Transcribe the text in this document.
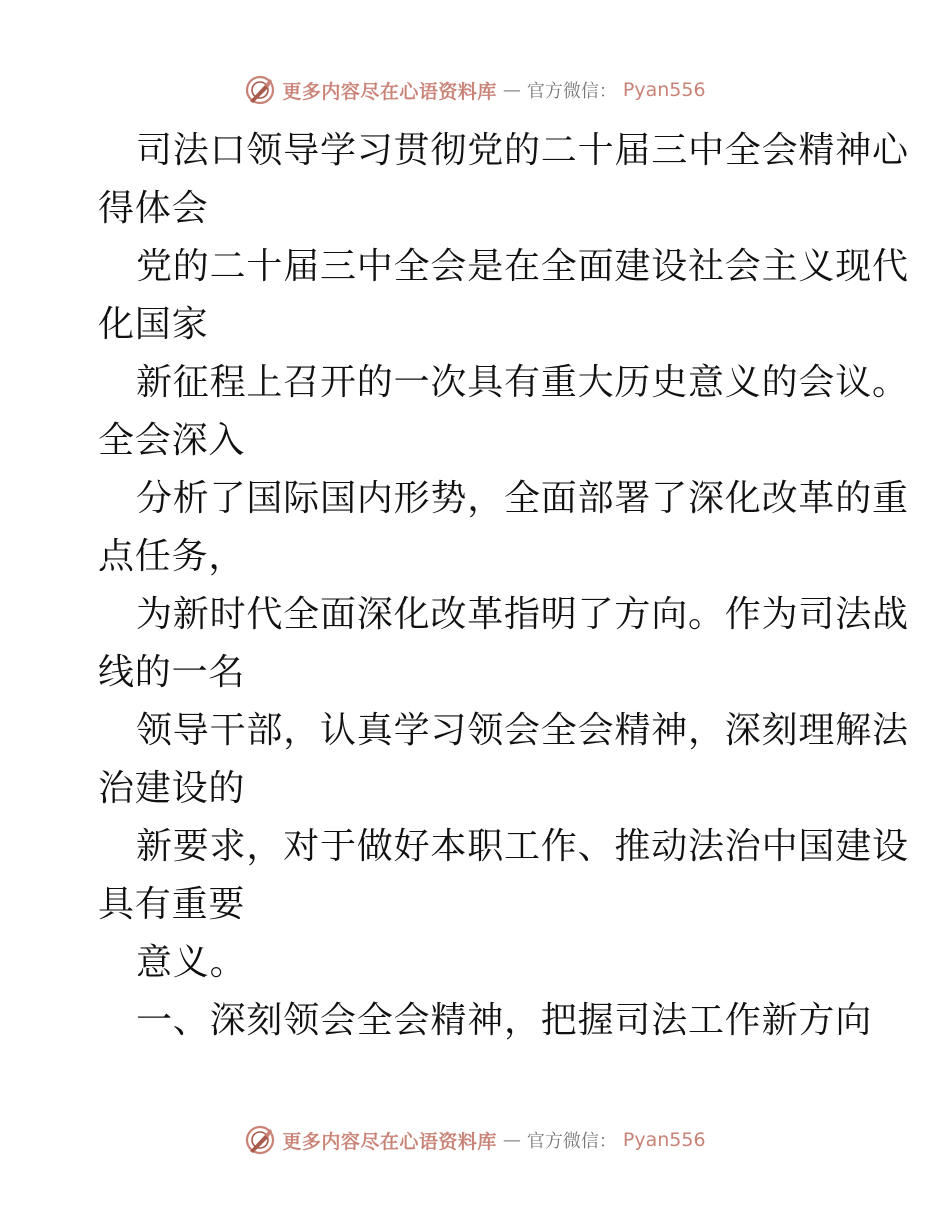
更多内容尽在心语资料库 — 官方微信： Pyan556
司法口领导学习贯彻党的二十届三中全会精神心
得体会
党的二十届三中全会是在全面建设社会主义现代
化国家
新征程上召开的一次具有重大历史意义的会议。
全会深入
分析了国际国内形势，全面部署了深化改革的重
点任务，
为新时代全面深化改革指明了方向。作为司法战
线的一名
领导干部，认真学习领会全会精神，深刻理解法
治建设的
新要求，对于做好本职工作、推动法治中国建设
具有重要
意义。
一、深刻领会全会精神，把握司法工作新方向
更多内容尽在心语资料库 — 官方微信： Pyan556
